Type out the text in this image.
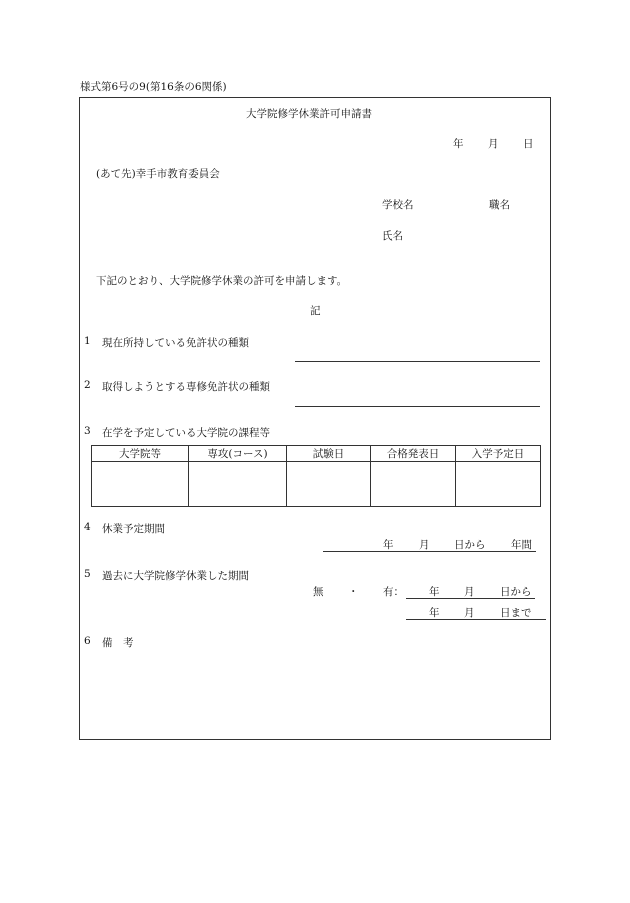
様式第6号の9(第16条の6関係)
大学院修学休業許可申請書
年 月 日
(あて先)幸手市教育委員会
学校名	職名
氏名
下記のとおり、大学院修学休業の許可を申請します。
記
1 現在所持している免許状の種類
2 取得しようとする専修免許状の種類
3 在学を予定している大学院の課程等
大学院等	専攻(コース)	試験日	合格発表日	入学予定日

4 休業予定期間
年 月 日から 年間
5 過去に大学院修学休業した期間
無 ・ 有： 年 月 日から
年 月 日まで
6 備　考
